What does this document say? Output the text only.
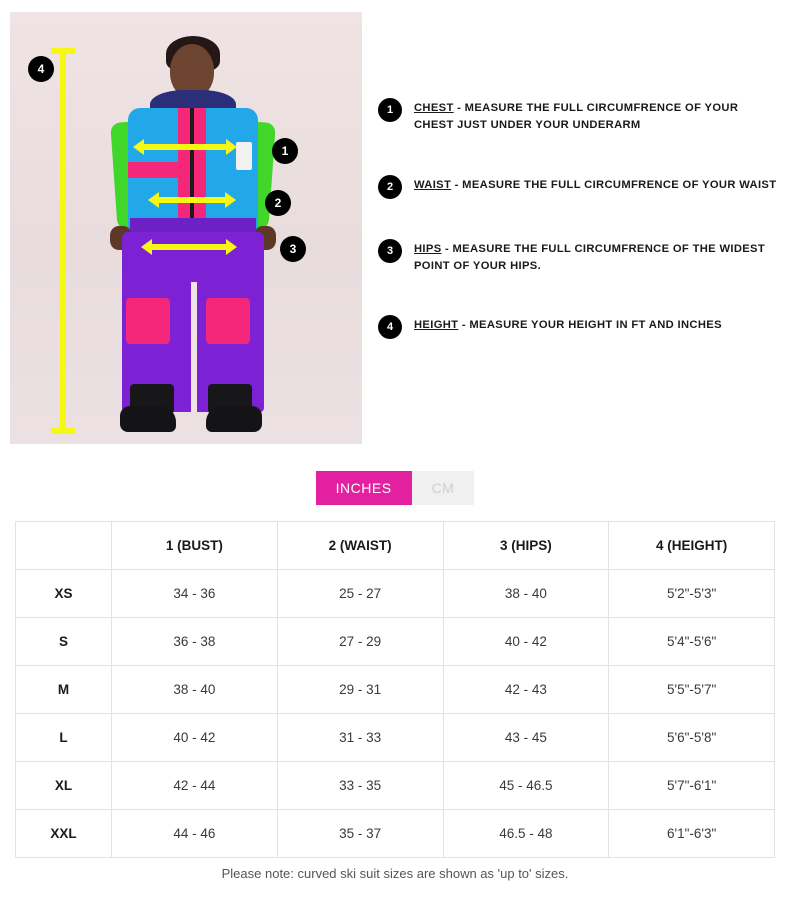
4
1
2
3
1	CHEST - MEASURE THE FULL CIRCUMFRENCE OF YOUR CHEST JUST UNDER YOUR UNDERARM
2	WAIST - MEASURE THE FULL CIRCUMFRENCE OF YOUR WAIST
3	HIPS - MEASURE THE FULL CIRCUMFRENCE OF THE WIDEST POINT OF YOUR HIPS.
4	HEIGHT - MEASURE YOUR HEIGHT IN FT AND INCHES
INCHES	CM
	1 (BUST)	2 (WAIST)	3 (HIPS)	4 (HEIGHT)
XS	34 - 36	25 - 27	38 - 40	5'2"-5'3"
S	36 - 38	27 - 29	40 - 42	5'4"-5'6"
M	38 - 40	29 - 31	42 - 43	5'5"-5'7"
L	40 - 42	31 - 33	43 - 45	5'6"-5'8"
XL	42 - 44	33 - 35	45 - 46.5	5'7"-6'1"
XXL	44 - 46	35 - 37	46.5 - 48	6'1"-6'3"
Please note: curved ski suit sizes are shown as 'up to' sizes.
